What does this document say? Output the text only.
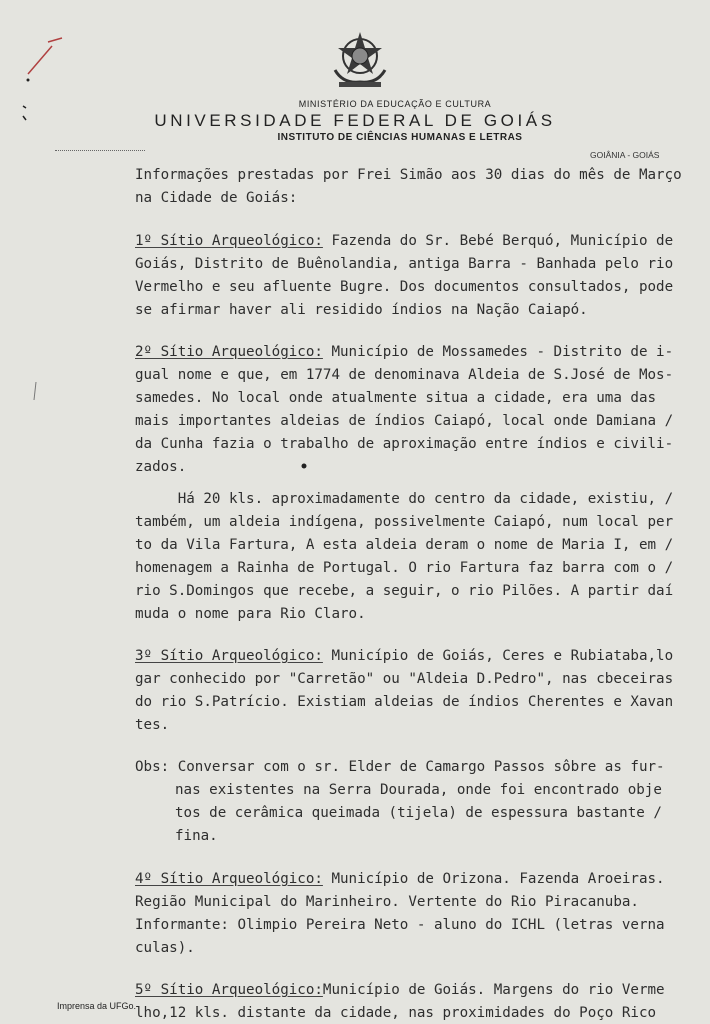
MINISTÉRIO DA EDUCAÇÃO E CULTURA
UNIVERSIDADE FEDERAL DE GOIÁS
INSTITUTO DE CIÊNCIAS HUMANAS E LETRAS
GOIÂNIA - GOIÁS

Informações prestadas por Frei Simão aos 30 dias do mês de Março

na Cidade de Goiás:

1º Sítio Arqueológico: Fazenda do Sr. Bebé Berquó, Município de

Goiás, Distrito de Buênolandia, antiga Barra - Banhada pelo rio

Vermelho e seu afluente Bugre. Dos documentos consultados, pode

se afirmar haver ali residido índios na Nação Caiapó.

2º Sítio Arqueológico: Município de Mossamedes - Distrito de i-

gual nome e que, em 1774 de denominava Aldeia de S.José de Mos-

samedes. No local onde atualmente situa a cidade, era uma das

mais importantes aldeias de índios Caiapó, local onde Damiana /

da Cunha fazia o trabalho de aproximação entre índios e civili-

zados.

Há 20 kls. aproximadamente do centro da cidade, existiu, /

também, um aldeia indígena, possivelmente Caiapó, num local per

to da Vila Fartura, A esta aldeia deram o nome de Maria I, em /

homenagem a Rainha de Portugal. O rio Fartura faz barra com o /

rio S.Domingos que recebe, a seguir, o rio Pilões. A partir daí

muda o nome para Rio Claro.

3º Sítio Arqueológico: Município de Goiás, Ceres e Rubiataba,lo

gar conhecido por "Carretão" ou "Aldeia D.Pedro", nas cbeceiras

do rio S.Patrício. Existiam aldeias de índios Cherentes e Xavan

tes.

Obs: Conversar com o sr. Elder de Camargo Passos sôbre as fur-

nas existentes na Serra Dourada, onde foi encontrado obje

tos de cerâmica queimada (tijela) de espessura bastante /

fina.

4º Sítio Arqueológico: Município de Orizona. Fazenda Aroeiras.

Região Municipal do Marinheiro. Vertente do Rio Piracanuba.

Informante: Olimpio Pereira Neto - aluno do ICHL (letras verna

culas).

5º Sítio Arqueológico:Município de Goiás. Margens do rio Verme

lho,12 kls. distante da cidade, nas proximidades do Poço Rico

Imprensa da UFGo.
